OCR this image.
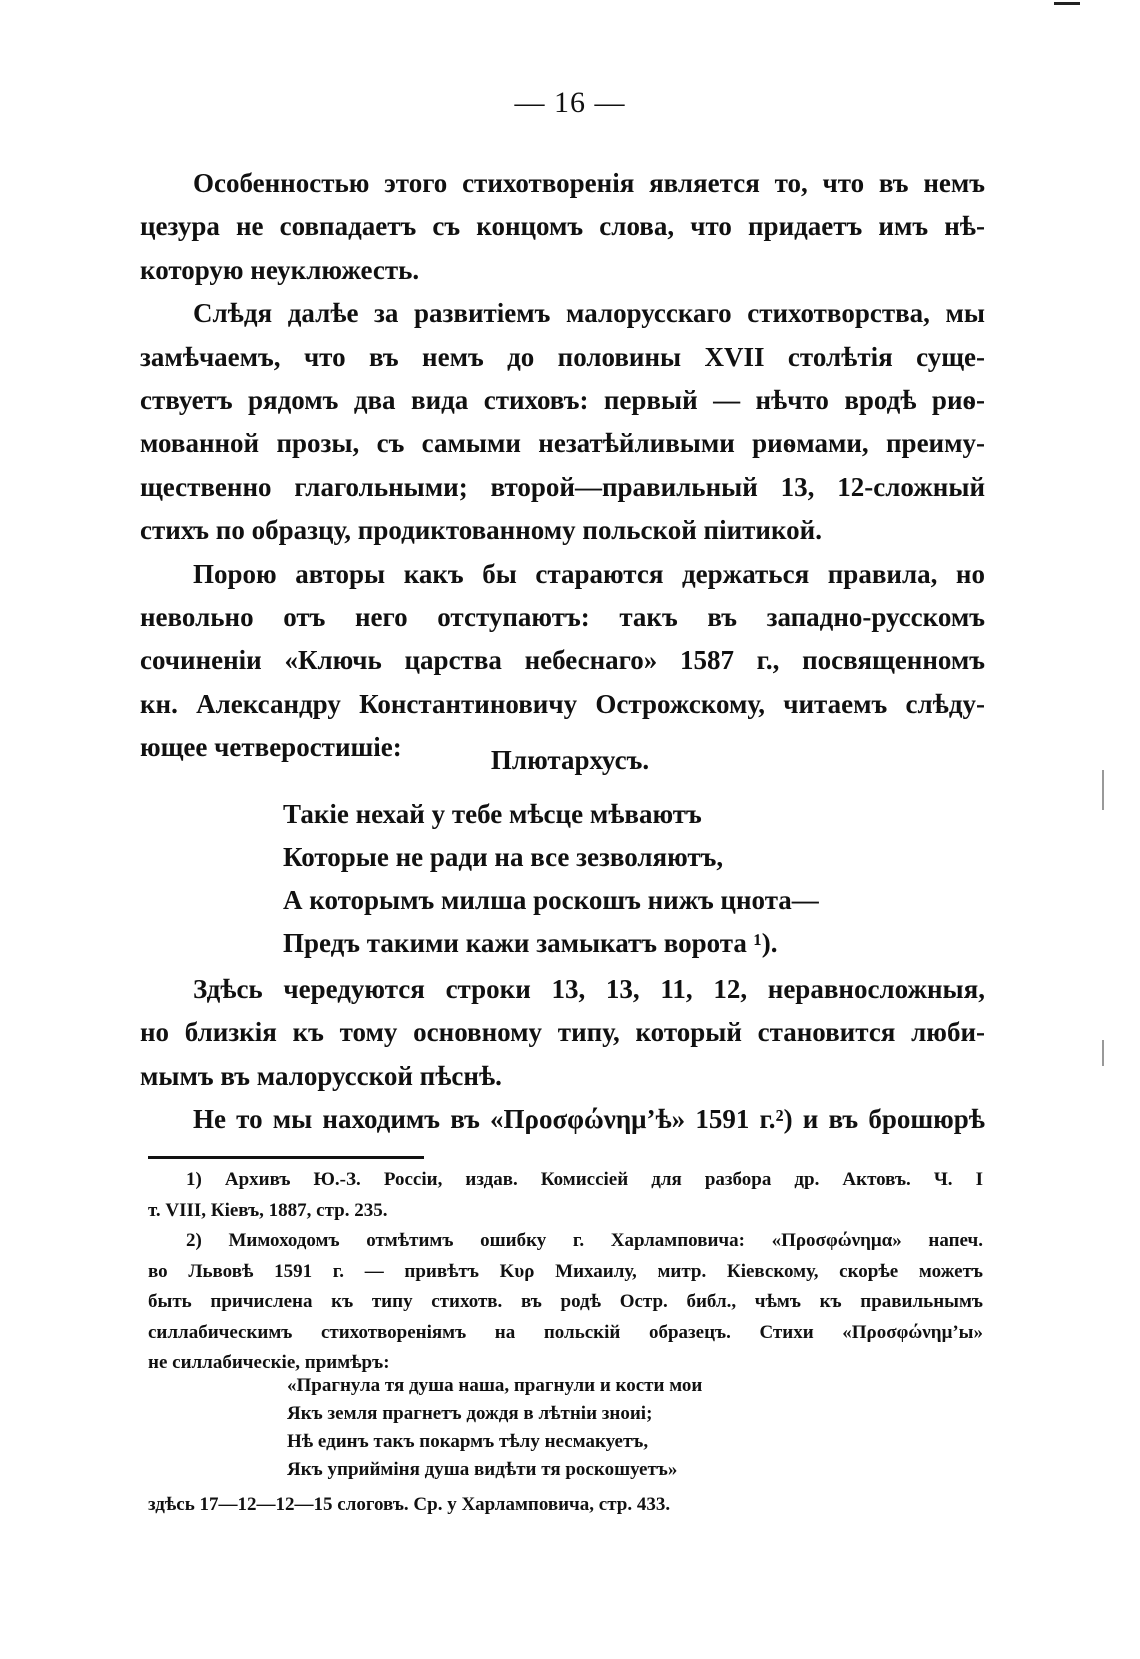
— 16 —

Особенностью этого стихотворенія является то, что въ немъ
цезура не совпадаетъ съ концомъ слова, что придаетъ имъ нѣ-
которую неуклюжесть.

Слѣдя далѣе за развитіемъ малорусскаго стихотворства, мы
замѣчаемъ, что въ немъ до половины XVII столѣтія суще-
ствуетъ рядомъ два вида стиховъ: первый — нѣчто вродѣ риѳ-
мованной прозы, съ самыми незатѣйливыми риѳмами, преиму-
щественно глагольными; второй—правильный 13, 12-сложный
стихъ по образцу, продиктованному польской піитикой.

Порою авторы какъ бы стараются держаться правила, но
невольно отъ него отступаютъ: такъ въ западно-русскомъ
сочиненіи «Ключь царства небеснаго» 1587 г., посвященномъ
кн. Александру Константиновичу Острожскому, читаемъ слѣду-
ющее четверостишіе:	Плютархусъ.
Такіе нехай у тебе мѣсце мѣваютъ
Которые не ради на все зезволяютъ,
А которымъ милша роскошъ нижъ цнота—
Предъ такими кажи замыкатъ ворота ¹).
Здѣсь чередуются строки 13, 13, 11, 12, неравносложныя,
но близкія къ тому основному типу, который становится люби-
мымъ въ малорусской пѣснѣ.
Не то мы находимъ въ «Προσφώνημ’ѣ» 1591 г.²) и въ брошюрѣ
1) Архивъ Ю.-З. Россіи, издав. Комиссіей для разбора др. Актовъ. Ч. I
т. VIII, Кіевъ, 1887, стр. 235.
2) Мимоходомъ отмѣтимъ ошибку г. Харламповича: «Προσφώνημα» напеч.
во Львовѣ 1591 г. — привѣтъ Κυρ Михаилу, митр. Кіевскому, скорѣе можетъ
быть причислена къ типу стихотв. въ родѣ Остр. библ., чѣмъ къ правильнымъ
силлабическимъ стихотвореніямъ на польскій образецъ. Стихи «Προσφώνημ’ы»
не силлабическіе, примѣръ:
«Прагнула тя душа наша, прагнули и кости мои
Якъ земля прагнетъ дождя в лѣтніи зноиі;
Нѣ единъ такъ покармъ тѣлу несмакуетъ,
Якъ уприйміня душа видѣти тя роскошуетъ»
здѣсь 17—12—12—15 слоговъ. Ср. у Харламповича, стр. 433.
